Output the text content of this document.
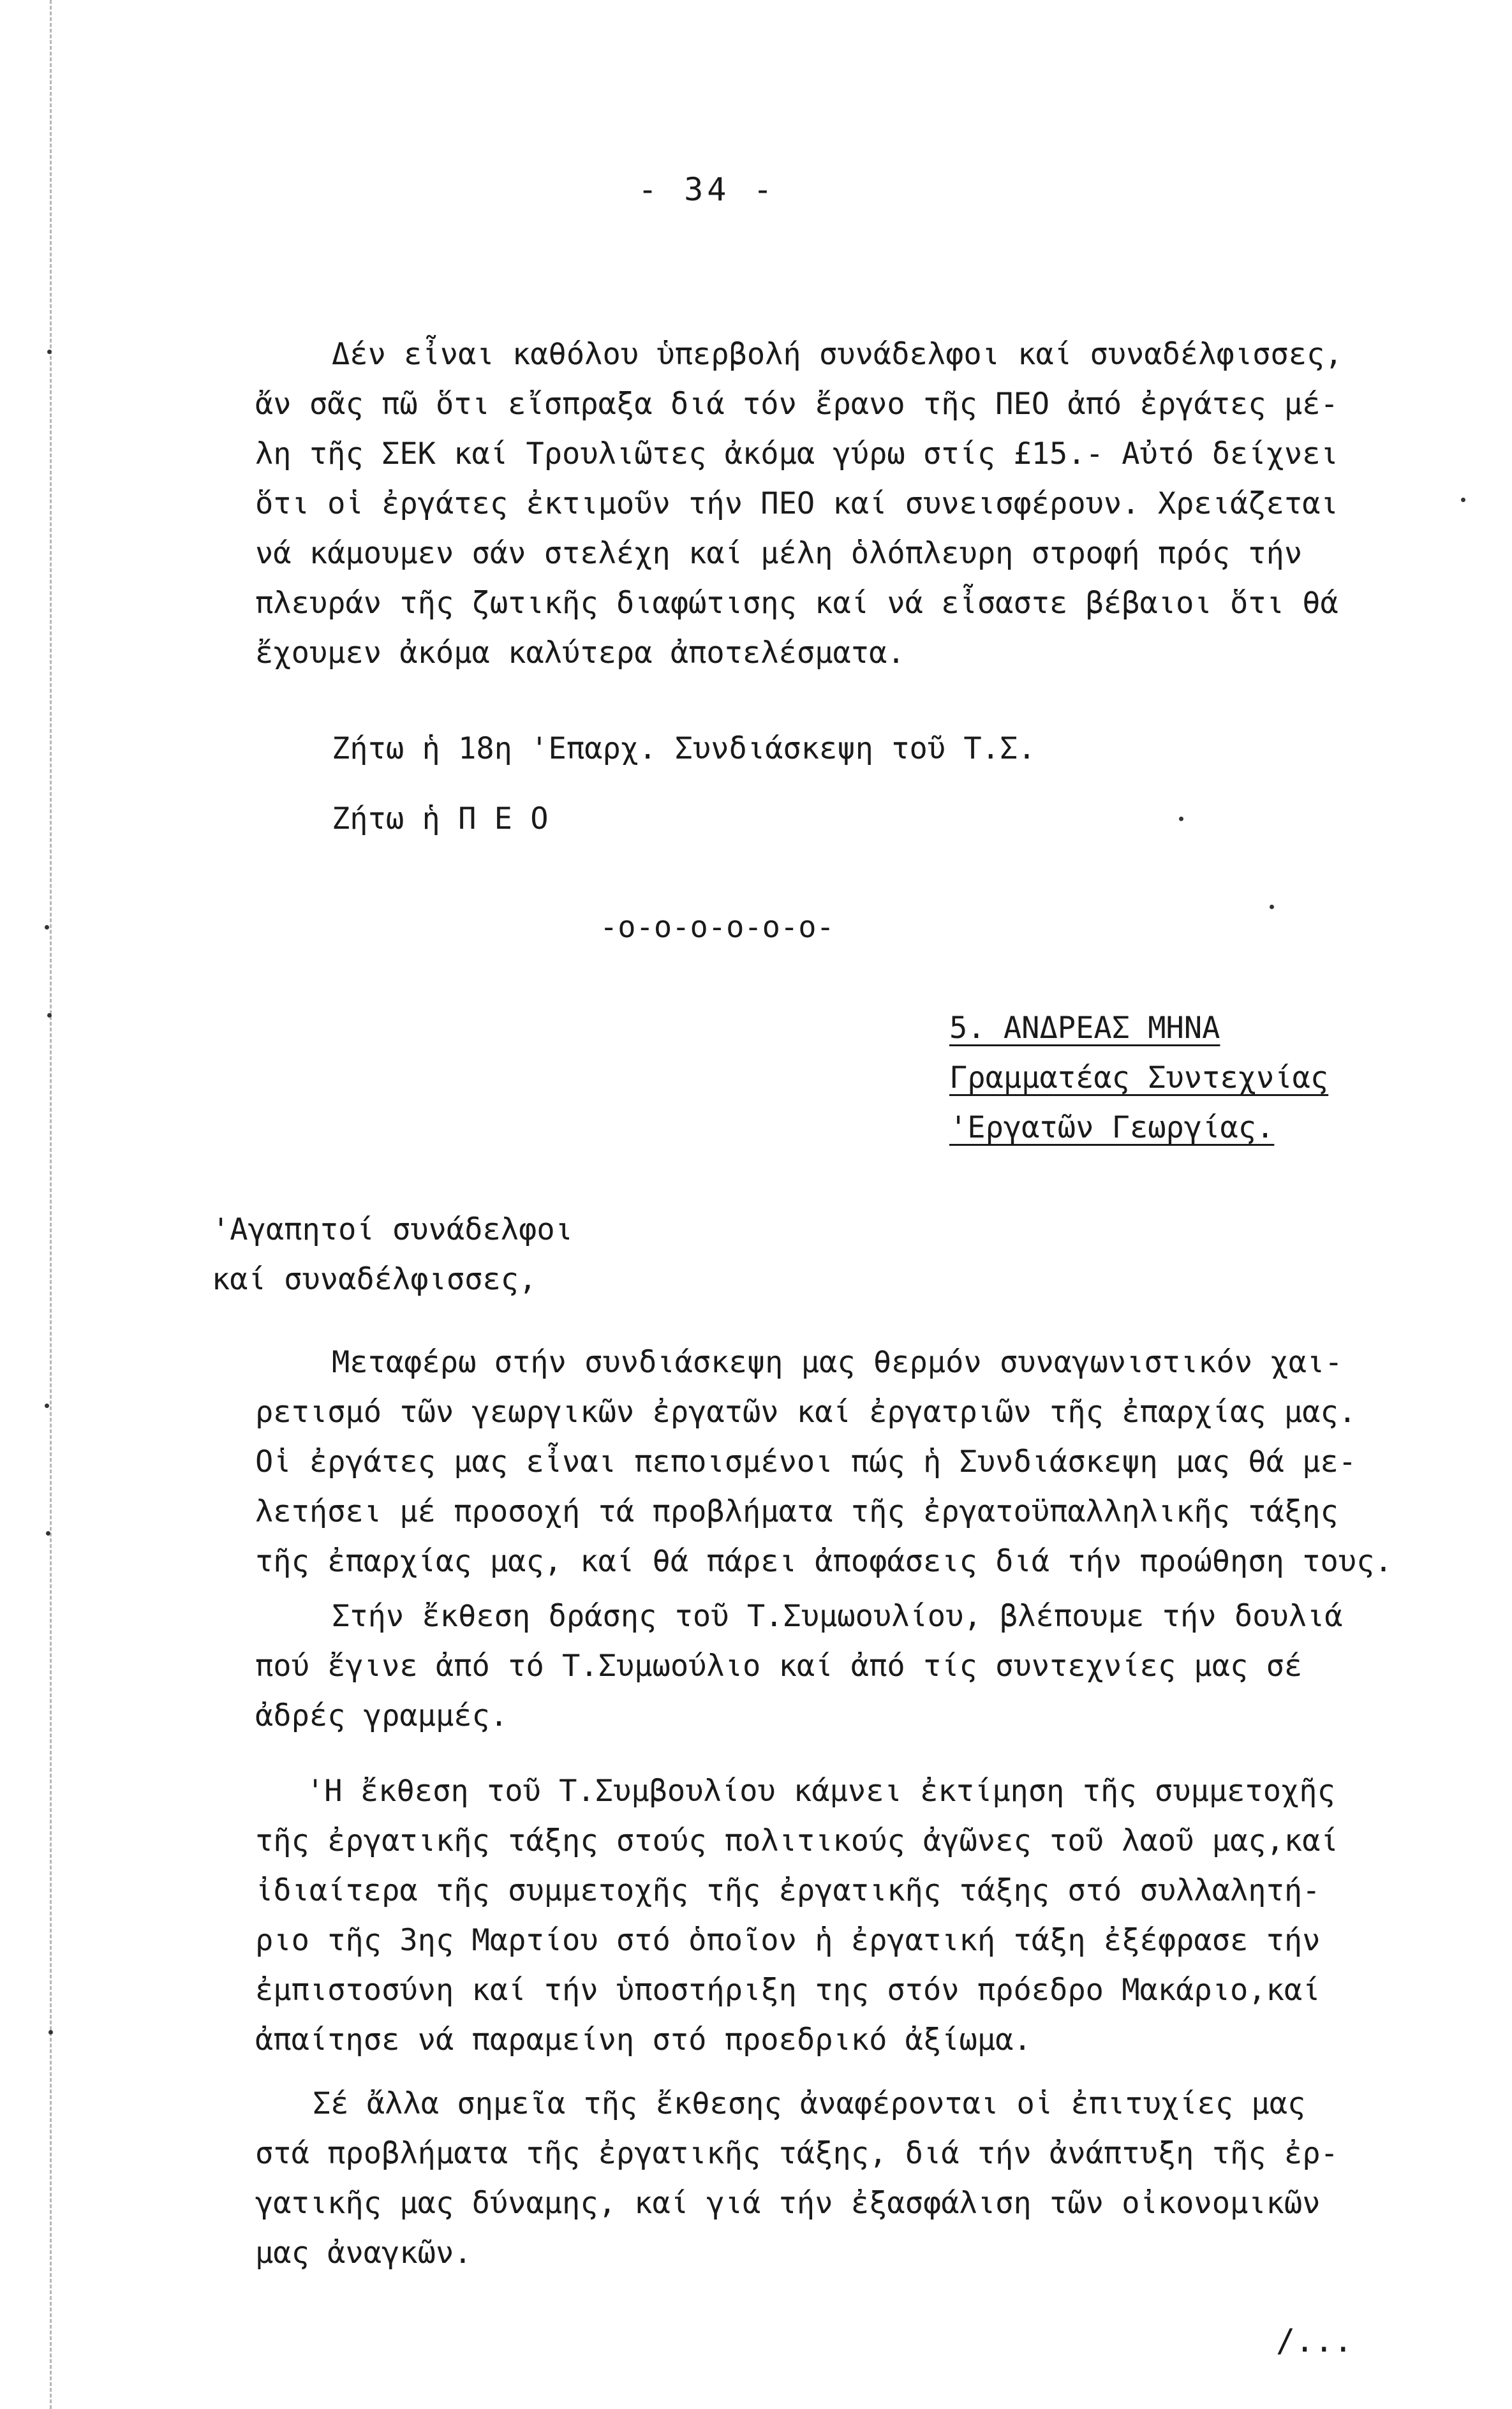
- 34 -
Δέν εἶναι καθόλου ὑπερβολή συνάδελφοι καί συναδέλφισσες,
ἄν σᾶς πῶ ὅτι εἴσπραξα διά τόν ἔρανο τῆς ΠΕΟ ἀπό ἐργάτες μέ-
λη τῆς ΣΕΚ καί Τρουλιῶτες ἀκόμα γύρω στίς £15.- Αὐτό δείχνει
ὅτι οἱ ἐργάτες ἐκτιμοῦν τήν ΠΕΟ καί συνεισφέρουν. Χρειάζεται
νά κάμουμεν σάν στελέχη καί μέλη ὁλόπλευρη στροφή πρός τήν
πλευράν τῆς ζωτικῆς διαφώτισης καί νά εἶσαστε βέβαιοι ὅτι θά
ἔχουμεν ἀκόμα καλύτερα ἀποτελέσματα.
Ζήτω ἡ 18η 'Επαρχ. Συνδιάσκεψη τοῦ Τ.Σ.
Ζήτω ἡ Π Ε Ο
-o-o-o-o-o-o-
5. ΑΝΔΡΕΑΣ ΜΗΝΑ
Γραμματέας Συντεχνίας
'Εργατῶν Γεωργίας.
'Αγαπητοί συνάδελφοι
καί συναδέλφισσες,
Μεταφέρω στήν συνδιάσκεψη μας θερμόν συναγωνιστικόν χαι-
ρετισμό τῶν γεωργικῶν ἐργατῶν καί ἐργατριῶν τῆς ἐπαρχίας μας.
Οἱ ἐργάτες μας εἶναι πεποισμένοι πώς ἡ Συνδιάσκεψη μας θά με-
λετήσει μέ προσοχή τά προβλήματα τῆς ἐργατοϋπαλληλικῆς τάξης
τῆς ἐπαρχίας μας, καί θά πάρει ἀποφάσεις διά τήν προώθηση τους.
Στήν ἔκθεση δράσης τοῦ Τ.Συμωουλίου, βλέπουμε τήν δουλιά
πού ἔγινε ἀπό τό Τ.Συμωούλιο καί ἀπό τίς συντεχνίες μας σέ
ἀδρές γραμμές.
'Η ἔκθεση τοῦ Τ.Συμβουλίου κάμνει ἐκτίμηση τῆς συμμετοχῆς
τῆς ἐργατικῆς τάξης στούς πολιτικούς ἀγῶνες τοῦ λαοῦ μας,καί
ἰδιαίτερα τῆς συμμετοχῆς τῆς ἐργατικῆς τάξης στό συλλαλητή-
ριο τῆς 3ης Μαρτίου στό ὁποῖον ἡ ἐργατική τάξη ἐξέφρασε τήν
ἐμπιστοσύνη καί τήν ὑποστήριξη της στόν πρόεδρο Μακάριο,καί
ἀπαίτησε νά παραμείνη στό προεδρικό ἀξίωμα.
Σέ ἄλλα σημεῖα τῆς ἔκθεσης ἀναφέρονται οἱ ἐπιτυχίες μας
στά προβλήματα τῆς ἐργατικῆς τάξης, διά τήν ἀνάπτυξη τῆς ἐρ-
γατικῆς μας δύναμης, καί γιά τήν ἐξασφάλιση τῶν οἰκονομικῶν
μας ἀναγκῶν.
/...
